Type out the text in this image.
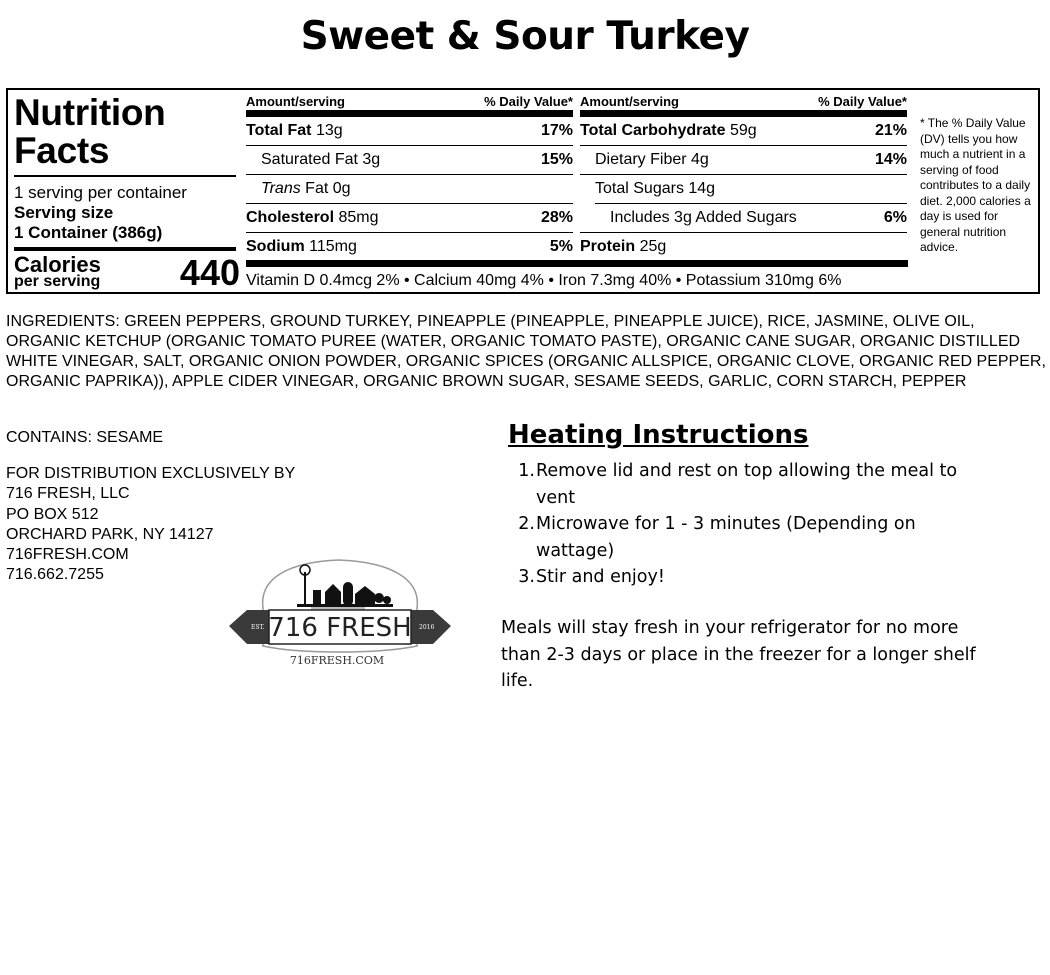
Sweet & Sour Turkey
Nutrition
Facts
1 serving per container
Serving size
1 Container (386g)
Calories
per serving 440
Amount/serving	% Daily Value*
Total Fat 13g	17%
Saturated Fat 3g	15%
Trans Fat 0g
Cholesterol 85mg	28%
Sodium 115mg	5%
Amount/serving	% Daily Value*
Total Carbohydrate 59g	21%
Dietary Fiber 4g	14%
Total Sugars 14g
Includes 3g Added Sugars	6%
Protein 25g
Vitamin D 0.4mcg 2% • Calcium 40mg 4% • Iron 7.3mg 40% • Potassium 310mg 6%
* The % Daily Value (DV) tells you how much a nutrient in a serving of food contributes to a daily diet. 2,000 calories a day is used for general nutrition advice.
INGREDIENTS: GREEN PEPPERS, GROUND TURKEY, PINEAPPLE (PINEAPPLE, PINEAPPLE JUICE), RICE, JASMINE, OLIVE OIL, ORGANIC KETCHUP (ORGANIC TOMATO PUREE (WATER, ORGANIC TOMATO PASTE), ORGANIC CANE SUGAR, ORGANIC DISTILLED WHITE VINEGAR, SALT, ORGANIC ONION POWDER, ORGANIC SPICES (ORGANIC ALLSPICE, ORGANIC CLOVE, ORGANIC RED PEPPER, ORGANIC PAPRIKA)), APPLE CIDER VINEGAR, ORGANIC BROWN SUGAR, SESAME SEEDS, GARLIC, CORN STARCH, PEPPER
CONTAINS: SESAME
FOR DISTRIBUTION EXCLUSIVELY BY
716 FRESH, LLC
PO BOX 512
ORCHARD PARK, NY 14127
716FRESH.COM
716.662.7255
EST.	2016
716 FRESH
716FRESH.COM
Heating Instructions
1. Remove lid and rest on top allowing the meal to vent
2. Microwave for 1 - 3 minutes (Depending on wattage)
3. Stir and enjoy!
Meals will stay fresh in your refrigerator for no more than 2-3 days or place in the freezer for a longer shelf life.
